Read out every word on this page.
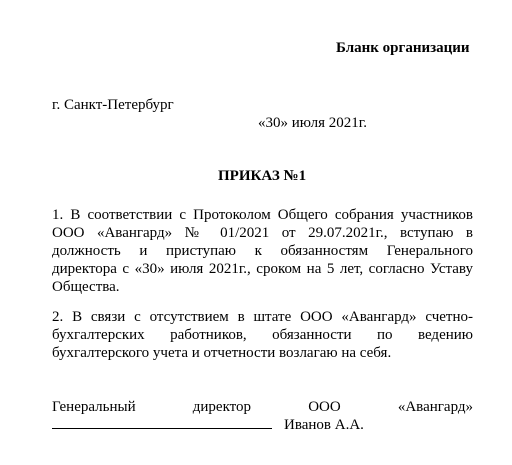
Бланк организации
г. Санкт-Петербург
«30» июля 2021г.
ПРИКАЗ №1
1. В соответствии с Протоколом Общего собрания участников
ООО «Авангард» № 01/2021 от 29.07.2021г., вступаю в
должность и приступаю к обязанностям Генерального
директора с «30» июля 2021г., сроком на 5 лет, согласно Уставу
Общества.
2. В связи с отсутствием в штате ООО «Авангард» счетно-
бухгалтерских работников, обязанности по ведению
бухгалтерского учета и отчетности возлагаю на себя.
Генеральный директор ООО «Авангард»
Иванов А.А.
